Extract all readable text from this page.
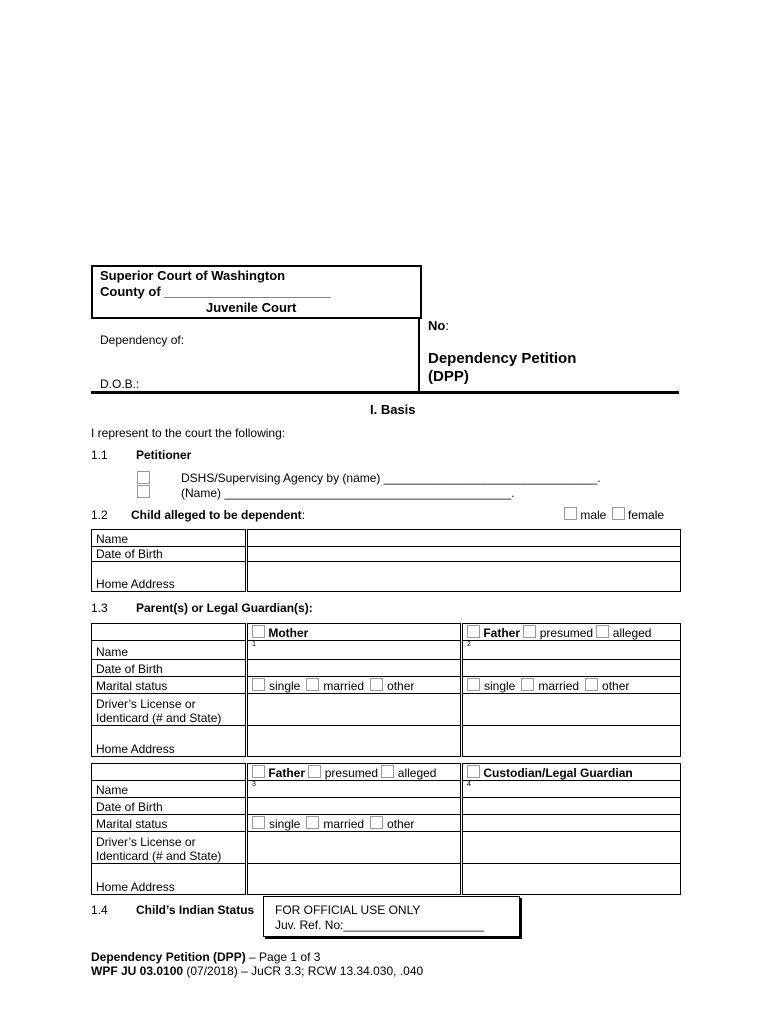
Superior Court of Washington
County of _______________________
Juvenile Court
Dependency of:
D.O.B.:
No:
Dependency Petition
(DPP)
I. Basis
I represent to the court the following:
1.1 Petitioner
DSHS/Supervising Agency by (name) ________________________________.
(Name) ___________________________________________.
1.2 Child alleged to be dependent:	male female
Name	
Date of Birth	
Home Address	
1.3 Parent(s) or Legal Guardian(s):
	Mother	Father presumed alleged
Name	1	2

Date of Birth		
Marital status	single married other	single married other

Driver’s License or
Identicard (# and State)		

Home Address		
	Father presumed alleged	Custodian/Legal Guardian
Name	3	4

Date of Birth		
Marital status	single married other	

Driver’s License or
Identicard (# and State)		

Home Address		
1.4 Child’s Indian Status FOR OFFICIAL USE ONLY
Juv. Ref. No:_____________________
Dependency Petition (DPP) – Page 1 of 3
WPF JU 03.0100 (07/2018) – JuCR 3.3; RCW 13.34.030, .040
